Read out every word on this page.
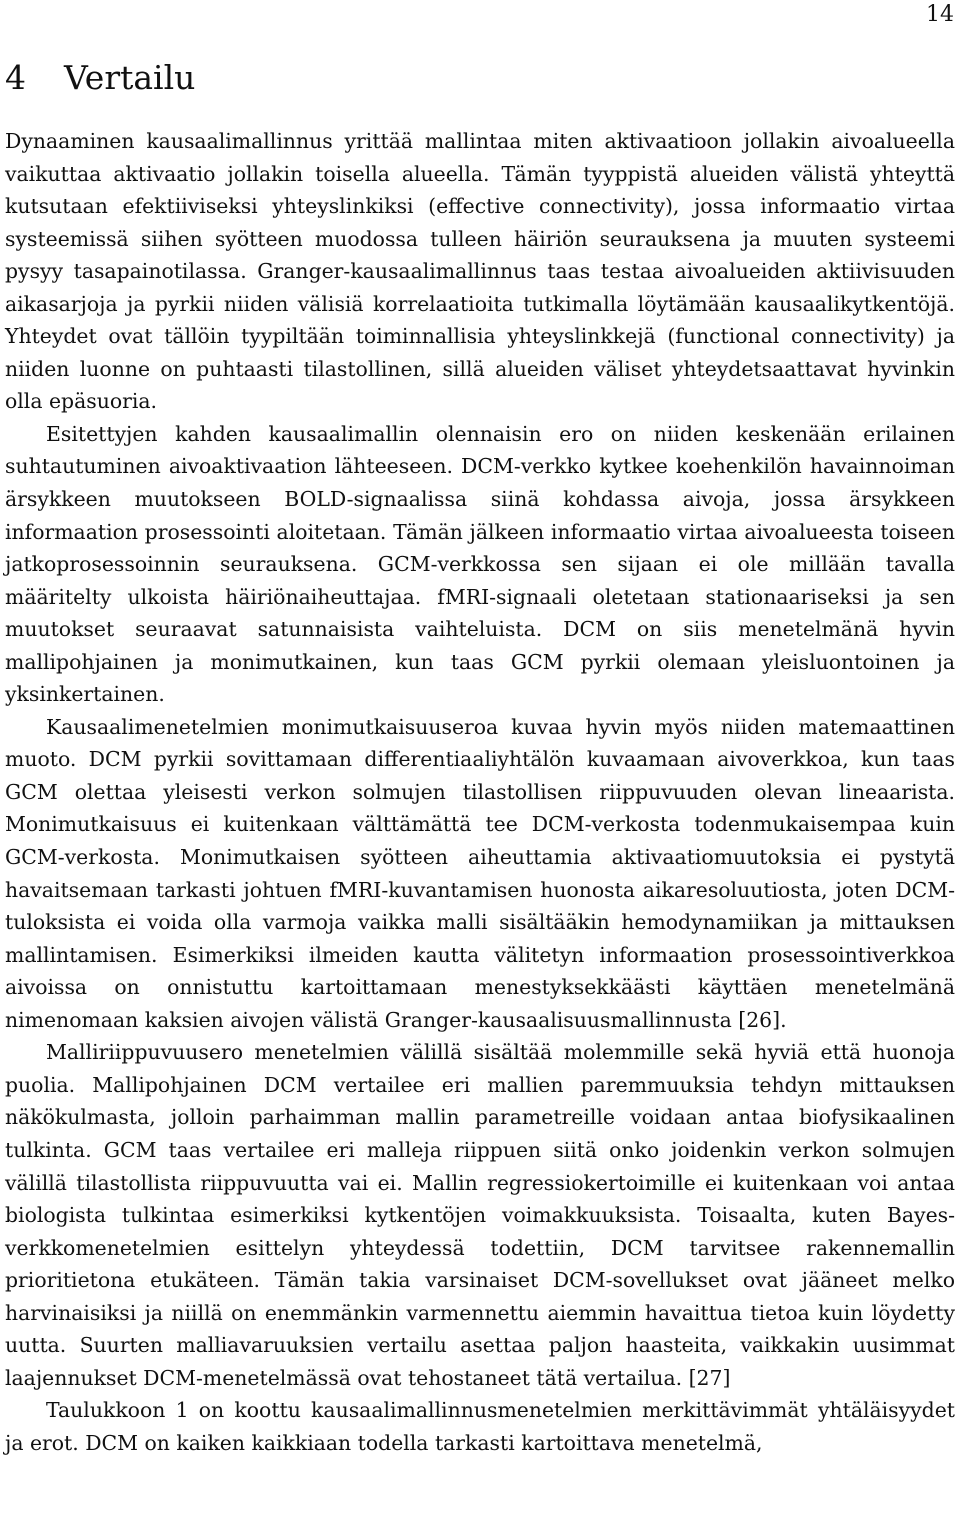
14
4 Vertailu

Dynaaminen kausaalimallinnus yrittää mallintaa miten aktivaatioon jollakin aivoalueella vaikuttaa aktivaatio jollakin toisella alueella. Tämän tyyppistä alueiden välistä yhteyttä kutsutaan efektiiviseksi yhteyslinkiksi (effective connectivity), jossa informaatio virtaa systeemissä siihen syötteen muodossa tulleen häiriön seurauksena ja muuten systeemi pysyy tasapainotilassa. Granger-kausaalimallinnus taas testaa aivoalueiden aktiivisuuden aikasarjoja ja pyrkii niiden välisiä korrelaatioita tutkimalla löytämään kausaalikytkentöjä. Yhteydet ovat tällöin tyypiltään toiminnallisia yhteyslinkkejä (functional connectivity) ja niiden luonne on puhtaasti tilastollinen, sillä alueiden väliset yhteydetsaattavat hyvinkin olla epäsuoria.

Esitettyjen kahden kausaalimallin olennaisin ero on niiden keskenään erilainen suhtautuminen aivoaktivaation lähteeseen. DCM-verkko kytkee koehenkilön havainnoiman ärsykkeen muutokseen BOLD-signaalissa siinä kohdassa aivoja, jossa ärsykkeen informaation prosessointi aloitetaan. Tämän jälkeen informaatio virtaa aivoalueesta toiseen jatkoprosessoinnin seurauksena. GCM-verkkossa sen sijaan ei ole millään tavalla määritelty ulkoista häiriönaiheuttajaa. fMRI-signaali oletetaan stationaariseksi ja sen muutokset seuraavat satunnaisista vaihteluista. DCM on siis menetelmänä hyvin mallipohjainen ja monimutkainen, kun taas GCM pyrkii olemaan yleisluontoinen ja yksinkertainen.

Kausaalimenetelmien monimutkaisuuseroa kuvaa hyvin myös niiden matemaattinen muoto. DCM pyrkii sovittamaan differentiaaliyhtälön kuvaamaan aivoverkkoa, kun taas GCM olettaa yleisesti verkon solmujen tilastollisen riippuvuuden olevan lineaarista. Monimutkaisuus ei kuitenkaan välttämättä tee DCM-verkosta todenmukaisempaa kuin GCM-verkosta. Monimutkaisen syötteen aiheuttamia aktivaatiomuutoksia ei pystytä havaitsemaan tarkasti johtuen fMRI-kuvantamisen huonosta aikaresoluutiosta, joten DCM-tuloksista ei voida olla varmoja vaikka malli sisältääkin hemodynamiikan ja mittauksen mallintamisen. Esimerkiksi ilmeiden kautta välitetyn informaation prosessointiverkkoa aivoissa on onnistuttu kartoittamaan menestyksekkäästi käyttäen menetelmänä nimenomaan kaksien aivojen välistä Granger-kausaalisuusmallinnusta [26].

Malliriippuvuusero menetelmien välillä sisältää molemmille sekä hyviä että huonoja puolia. Mallipohjainen DCM vertailee eri mallien paremmuuksia tehdyn mittauksen näkökulmasta, jolloin parhaimman mallin parametreille voidaan antaa biofysikaalinen tulkinta. GCM taas vertailee eri malleja riippuen siitä onko joidenkin verkon solmujen välillä tilastollista riippuvuutta vai ei. Mallin regressiokertoimille ei kuitenkaan voi antaa biologista tulkintaa esimerkiksi kytkentöjen voimakkuuksista. Toisaalta, kuten Bayes-verkkomenetelmien esittelyn yhteydessä todettiin, DCM tarvitsee rakennemallin prioritietona etukäteen. Tämän takia varsinaiset DCM-sovellukset ovat jääneet melko harvinaisiksi ja niillä on enemmänkin varmennettu aiemmin havaittua tietoa kuin löydetty uutta. Suurten malliavaruuksien vertailu asettaa paljon haasteita, vaikkakin uusimmat laajennukset DCM-menetelmässä ovat tehostaneet tätä vertailua. [27]

Taulukkoon 1 on koottu kausaalimallinnusmenetelmien merkittävimmät yhtäläisyydet ja erot. DCM on kaiken kaikkiaan todella tarkasti kartoittava menetelmä,
